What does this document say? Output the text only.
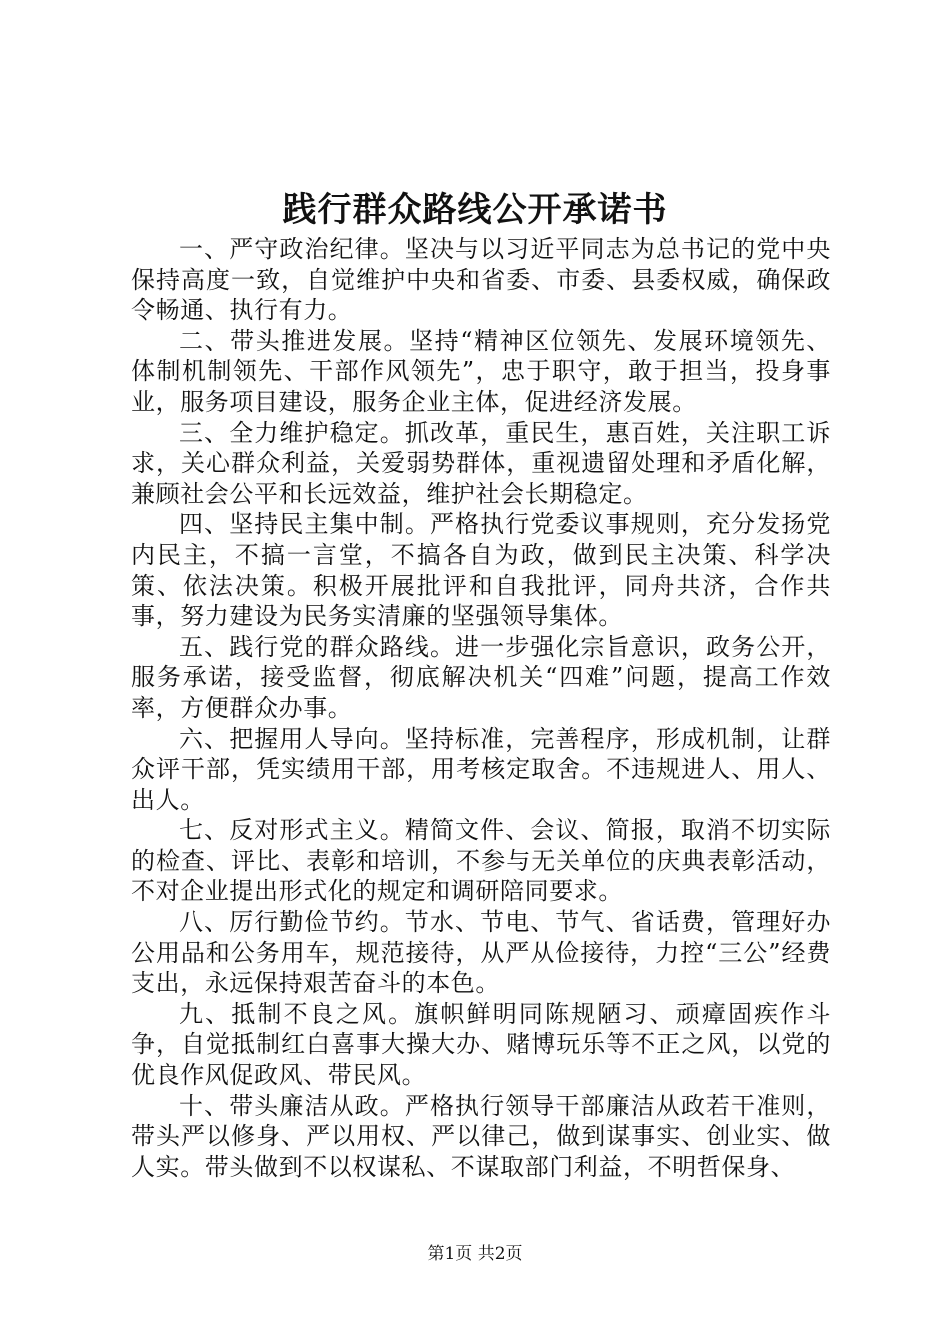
践行群众路线公开承诺书

一、严守政治纪律。坚决与以习近平同志为总书记的党中央保持高度一致，自觉维护中央和省委、市委、县委权威，确保政令畅通、执行有力。

二、带头推进发展。坚持“精神区位领先、发展环境领先、体制机制领先、干部作风领先”，忠于职守，敢于担当，投身事业，服务项目建设，服务企业主体，促进经济发展。

三、全力维护稳定。抓改革，重民生，惠百姓，关注职工诉求，关心群众利益，关爱弱势群体，重视遗留处理和矛盾化解，兼顾社会公平和长远效益，维护社会长期稳定。

四、坚持民主集中制。严格执行党委议事规则，充分发扬党内民主，不搞一言堂，不搞各自为政，做到民主决策、科学决策、依法决策。积极开展批评和自我批评，同舟共济，合作共事，努力建设为民务实清廉的坚强领导集体。

五、践行党的群众路线。进一步强化宗旨意识，政务公开，服务承诺，接受监督，彻底解决机关“四难”问题，提高工作效率，方便群众办事。

六、把握用人导向。坚持标准，完善程序，形成机制，让群众评干部，凭实绩用干部，用考核定取舍。不违规进人、用人、出人。

七、反对形式主义。精简文件、会议、简报，取消不切实际的检查、评比、表彰和培训，不参与无关单位的庆典表彰活动，不对企业提出形式化的规定和调研陪同要求。

八、厉行勤俭节约。节水、节电、节气、省话费，管理好办公用品和公务用车，规范接待，从严从俭接待，力控“三公”经费支出，永远保持艰苦奋斗的本色。

九、抵制不良之风。旗帜鲜明同陈规陋习、顽瘴固疾作斗争，自觉抵制红白喜事大操大办、赌博玩乐等不正之风，以党的优良作风促政风、带民风。

十、带头廉洁从政。严格执行领导干部廉洁从政若干准则，带头严以修身、严以用权、严以律己，做到谋事实、创业实、做人实。带头做到不以权谋私、不谋取部门利益，不明哲保身、

第1页 共2页
